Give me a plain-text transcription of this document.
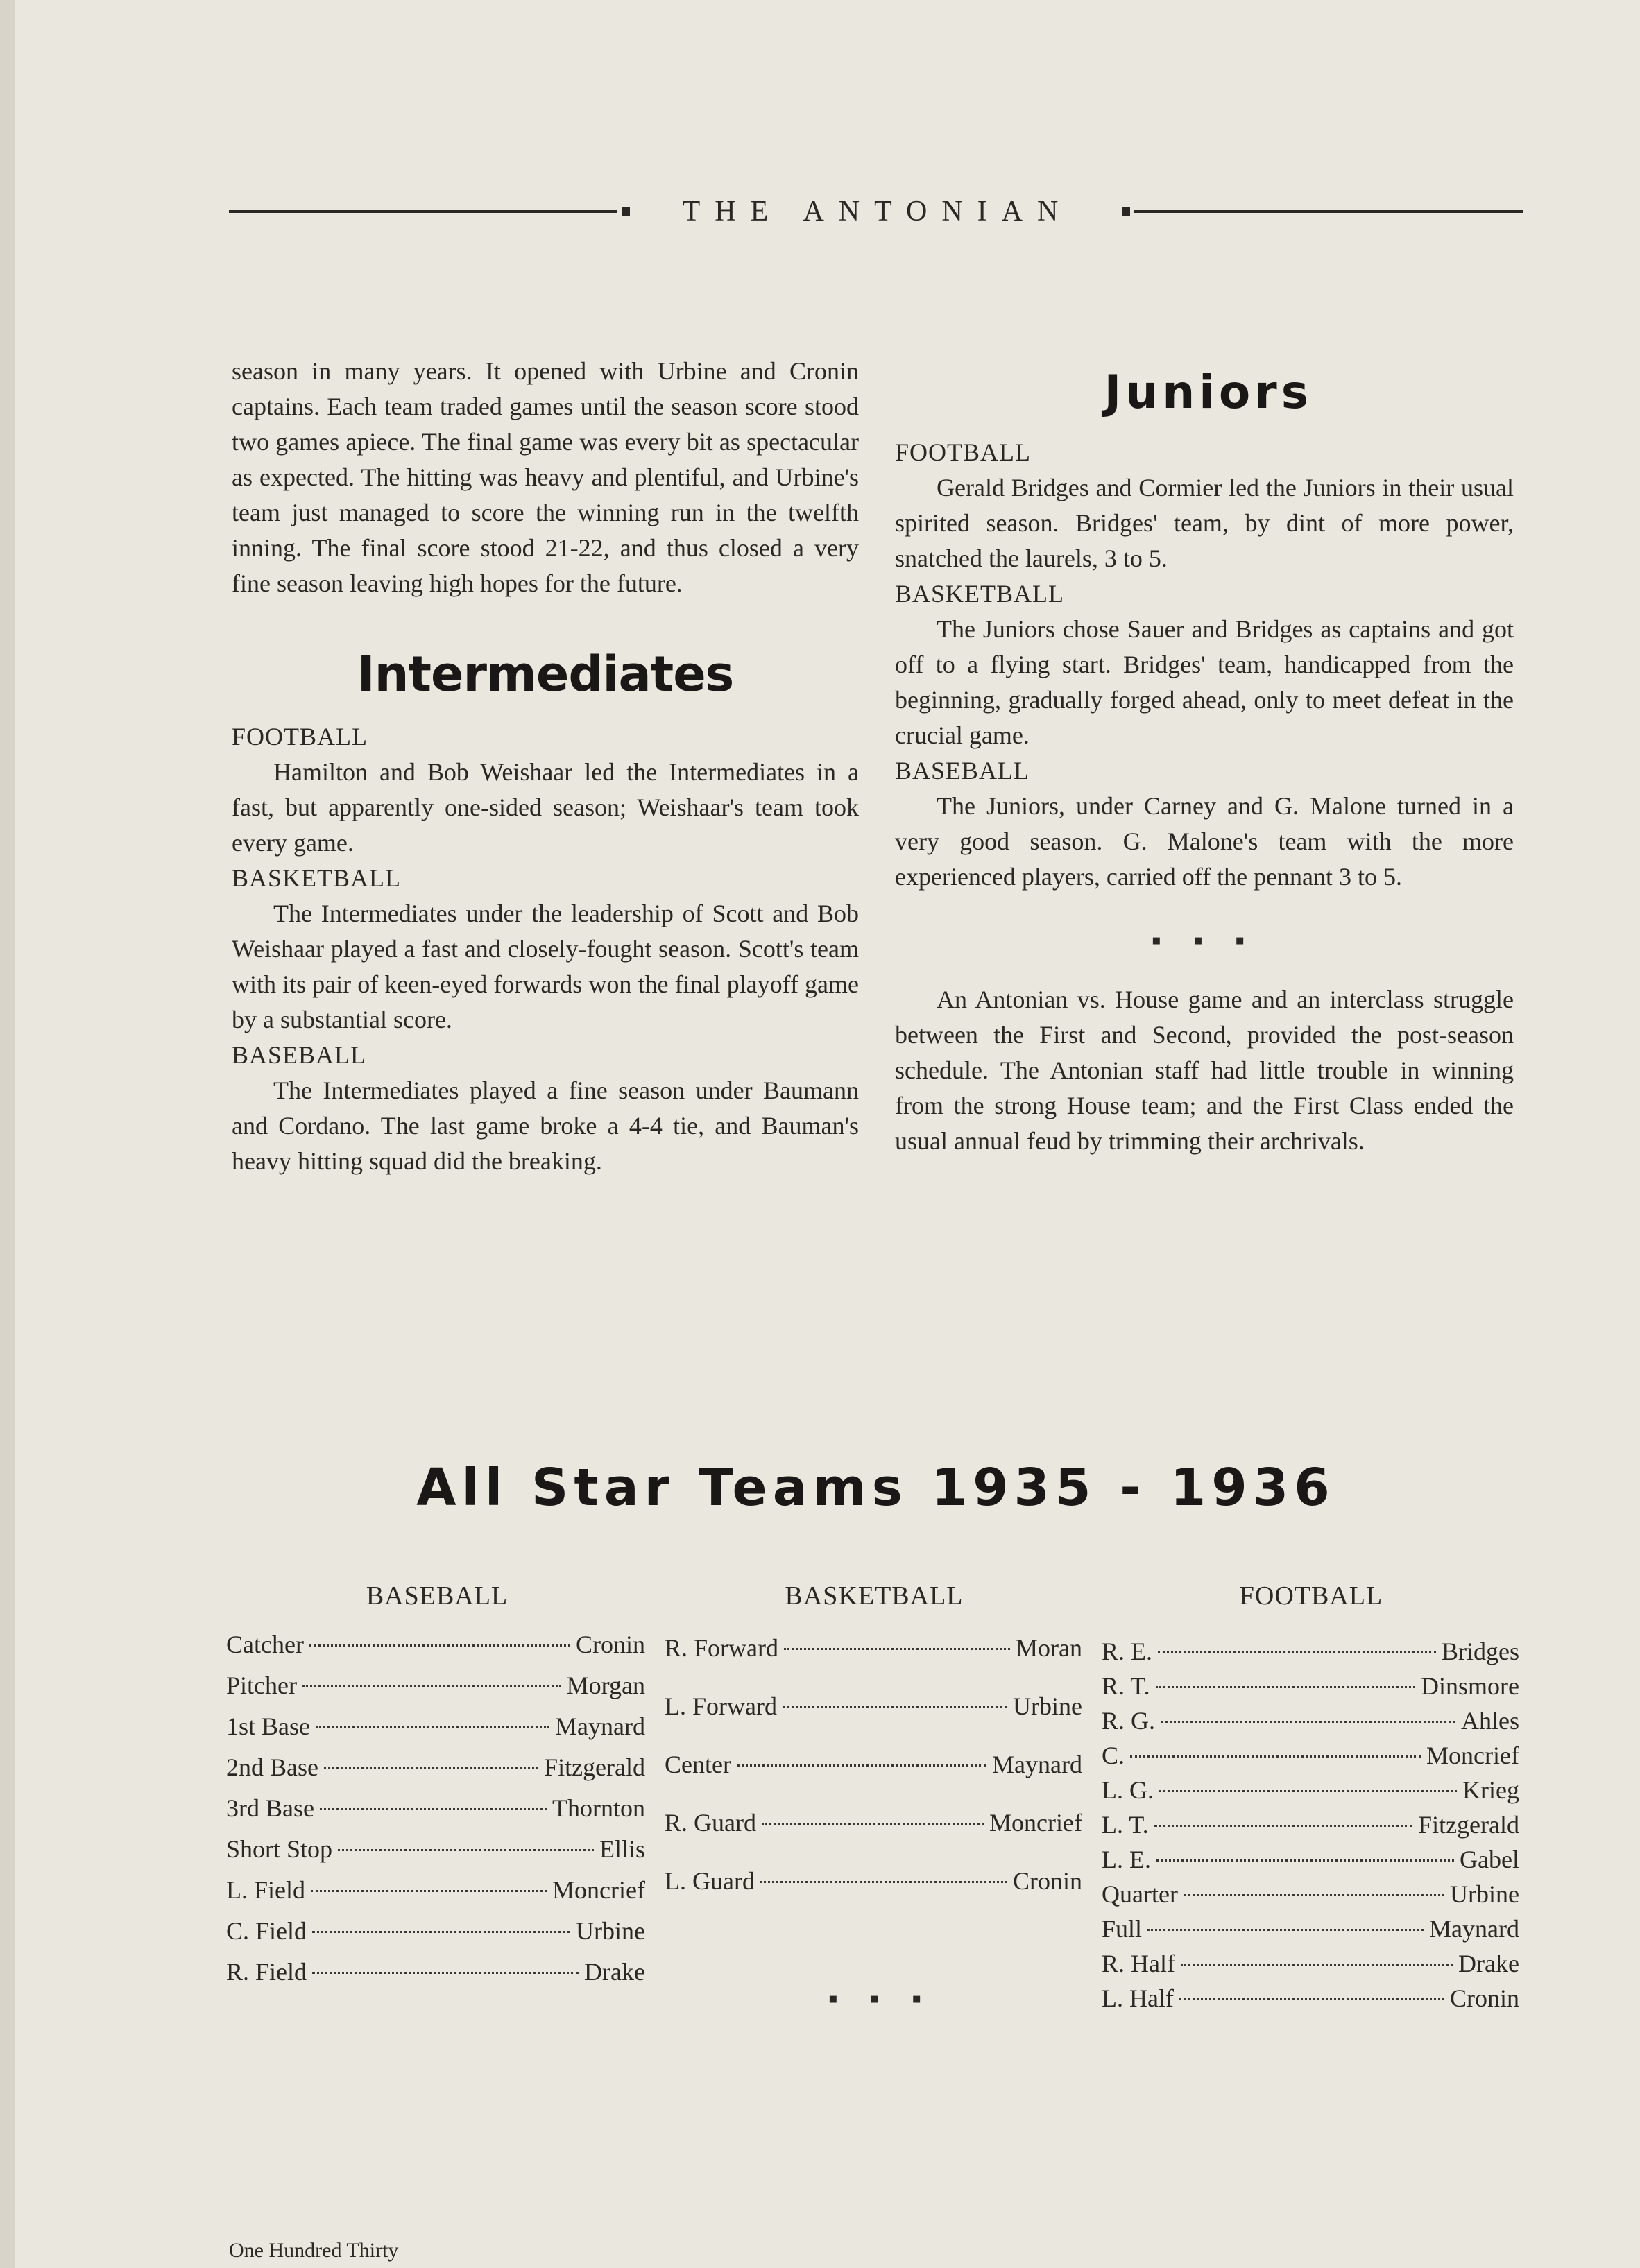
THE ANTONIAN

season in many years. It opened with Urbine and Cronin captains. Each team traded games until the season score stood two games apiece. The final game was every bit as spectacular as expected. The hitting was heavy and plentiful, and Urbine's team just managed to score the winning run in the twelfth inning. The final score stood 21-22, and thus closed a very fine season leaving high hopes for the future.

Intermediates
FOOTBALL

Hamilton and Bob Weishaar led the Intermediates in a fast, but apparently one-sided season; Weishaar's team took every game.

BASKETBALL

The Intermediates under the leadership of Scott and Bob Weishaar played a fast and closely-fought season. Scott's team with its pair of keen-eyed forwards won the final playoff game by a substantial score.

BASEBALL

The Intermediates played a fine season under Baumann and Cordano. The last game broke a 4-4 tie, and Bauman's heavy hitting squad did the breaking.

Juniors
FOOTBALL

Gerald Bridges and Cormier led the Juniors in their usual spirited season. Bridges' team, by dint of more power, snatched the laurels, 3 to 5.

BASKETBALL

The Juniors chose Sauer and Bridges as captains and got off to a flying start. Bridges' team, handicapped from the beginning, gradually forged ahead, only to meet defeat in the crucial game.

BASEBALL

The Juniors, under Carney and G. Malone turned in a very good season. G. Malone's team with the more experienced players, carried off the pennant 3 to 5.

▪ ▪ ▪

An Antonian vs. House game and an interclass struggle between the First and Second, provided the post-season schedule. The Antonian staff had little trouble in winning from the strong House team; and the First Class ended the usual annual feud by trimming their archrivals.

All Star Teams 1935 - 1936
BASEBALL	BASKETBALL	FOOTBALL
Catcher	Cronin
Pitcher	Morgan
1st Base	Maynard
2nd Base	Fitzgerald
3rd Base	Thornton
Short Stop	Ellis
L. Field	Moncrief
C. Field	Urbine
R. Field	Drake
R. Forward	Moran
L. Forward	Urbine
Center	Maynard
R. Guard	Moncrief
L. Guard	Cronin
R. E.	Bridges
R. T.	Dinsmore
R. G.	Ahles
C.	Moncrief
L. G.	Krieg
L. T.	Fitzgerald
L. E.	Gabel
Quarter	Urbine
Full	Maynard
R. Half	Drake
L. Half	Cronin
▪ ▪ ▪
One Hundred Thirty
